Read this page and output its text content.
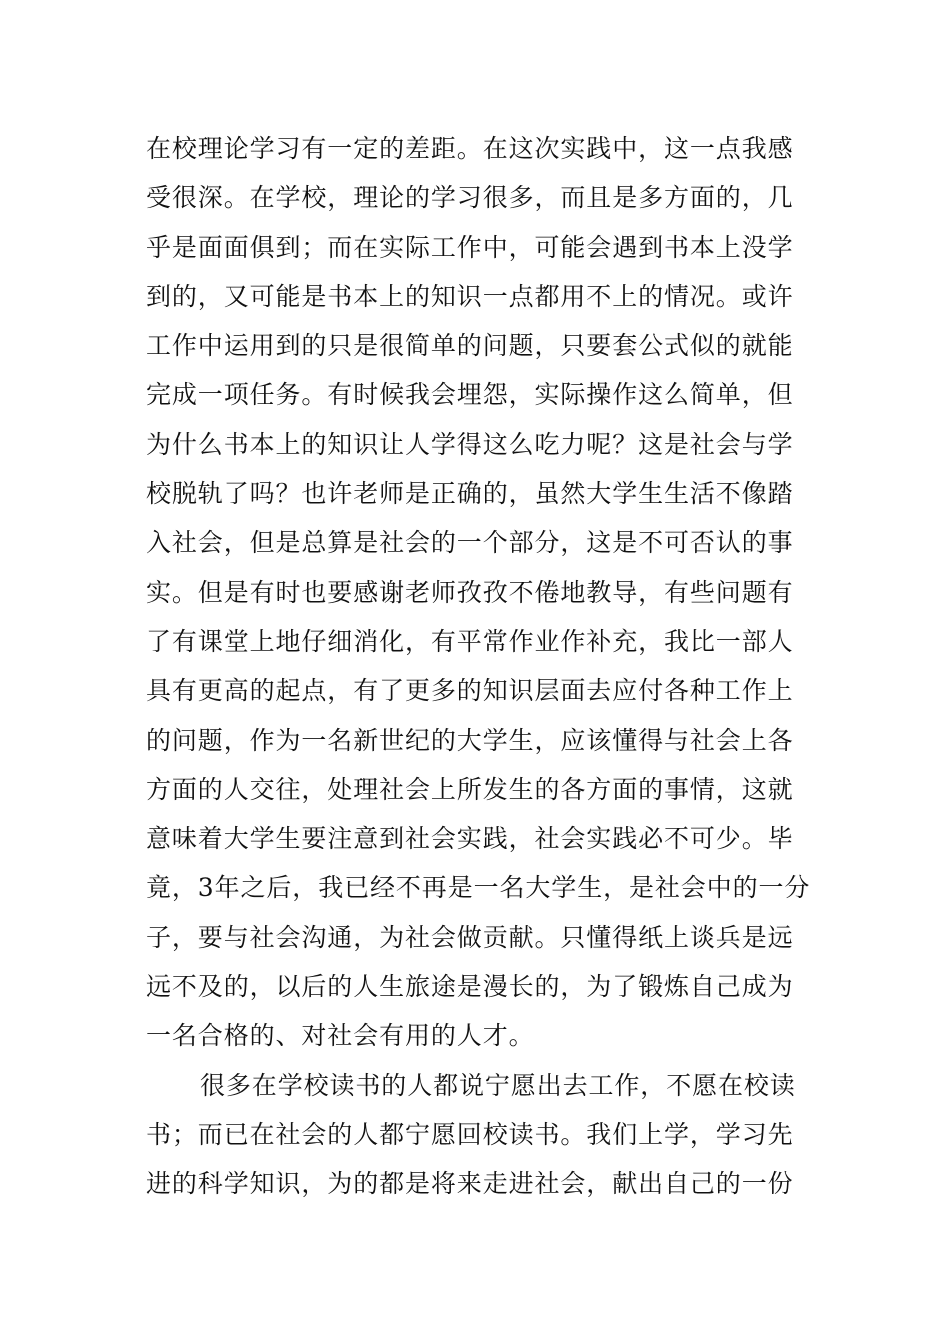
在校理论学习有一定的差距。在这次实践中，这一点我感
受很深。在学校，理论的学习很多，而且是多方面的，几
乎是面面俱到；而在实际工作中，可能会遇到书本上没学
到的，又可能是书本上的知识一点都用不上的情况。或许
工作中运用到的只是很简单的问题，只要套公式似的就能
完成一项任务。有时候我会埋怨，实际操作这么简单，但
为什么书本上的知识让人学得这么吃力呢？这是社会与学
校脱轨了吗？也许老师是正确的，虽然大学生生活不像踏
入社会，但是总算是社会的一个部分，这是不可否认的事
实。但是有时也要感谢老师孜孜不倦地教导，有些问题有
了有课堂上地仔细消化，有平常作业作补充，我比一部人
具有更高的起点，有了更多的知识层面去应付各种工作上
的问题，作为一名新世纪的大学生，应该懂得与社会上各
方面的人交往，处理社会上所发生的各方面的事情，这就
意味着大学生要注意到社会实践，社会实践必不可少。毕
竟，3年之后，我已经不再是一名大学生，是社会中的一分
子，要与社会沟通，为社会做贡献。只懂得纸上谈兵是远
远不及的，以后的人生旅途是漫长的，为了锻炼自己成为
一名合格的、对社会有用的人才。
很多在学校读书的人都说宁愿出去工作，不愿在校读
书；而已在社会的人都宁愿回校读书。我们上学，学习先
进的科学知识，为的都是将来走进社会，献出自己的一份
